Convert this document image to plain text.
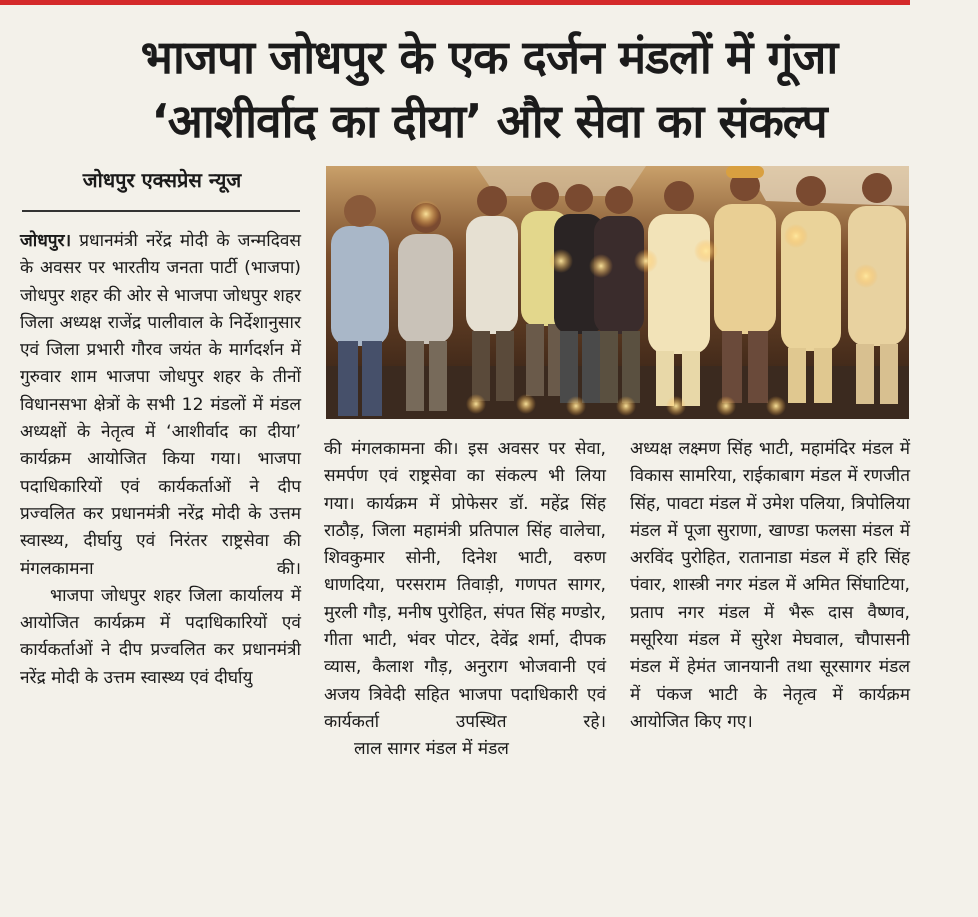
भाजपा जोधपुर के एक दर्जन मंडलों में गूंजा
‘आशीर्वाद का दीया’ और सेवा का संकल्प
जोधपुर एक्सप्रेस न्यूज

जोधपुर। प्रधानमंत्री नरेंद्र मोदी के जन्मदिवस के अवसर पर भारतीय जनता पार्टी (भाजपा) जोधपुर शहर की ओर से भाजपा जोधपुर शहर जिला अध्यक्ष राजेंद्र पालीवाल के निर्देशानुसार एवं जिला प्रभारी गौरव जयंत के मार्गदर्शन में गुरुवार शाम भाजपा जोधपुर शहर के तीनों विधानसभा क्षेत्रों के सभी 12 मंडलों में मंडल अध्यक्षों के नेतृत्व में ‘आशीर्वाद का दीया’ कार्यक्रम आयोजित किया गया। भाजपा पदाधिकारियों एवं कार्यकर्ताओं ने दीप प्रज्वलित कर प्रधानमंत्री नरेंद्र मोदी के उत्तम स्वास्थ्य, दीर्घायु एवं निरंतर राष्ट्रसेवा की मंगलकामना की।

भाजपा जोधपुर शहर जिला कार्यालय में आयोजित कार्यक्रम में पदाधिकारियों एवं कार्यकर्ताओं ने दीप प्रज्वलित कर प्रधानमंत्री नरेंद्र मोदी के उत्तम स्वास्थ्य एवं दीर्घायु

की मंगलकामना की। इस अवसर पर सेवा, समर्पण एवं राष्ट्रसेवा का संकल्प भी लिया गया। कार्यक्रम में प्रोफेसर डॉ. महेंद्र सिंह राठौड़, जिला महामंत्री प्रतिपाल सिंह वालेचा, शिवकुमार सोनी, दिनेश भाटी, वरुण धाणदिया, परसराम तिवाड़ी, गणपत सागर, मुरली गौड़, मनीष पुरोहित, संपत सिंह मण्डोर, गीता भाटी, भंवर पोटर, देवेंद्र शर्मा, दीपक व्यास, कैलाश गौड़, अनुराग भोजवानी एवं अजय त्रिवेदी सहित भाजपा पदाधिकारी एवं कार्यकर्ता उपस्थित रहे।

लाल सागर मंडल में मंडल

अध्यक्ष लक्ष्मण सिंह भाटी, महामंदिर मंडल में विकास सामरिया, राईकाबाग मंडल में रणजीत सिंह, पावटा मंडल में उमेश पलिया, त्रिपोलिया मंडल में पूजा सुराणा, खाण्डा फलसा मंडल में अरविंद पुरोहित, रातानाडा मंडल में हरि सिंह पंवार, शास्त्री नगर मंडल में अमित सिंघाटिया, प्रताप नगर मंडल में भैरू दास वैष्णव, मसूरिया मंडल में सुरेश मेघवाल, चौपासनी मंडल में हेमंत जानयानी तथा सूरसागर मंडल में पंकज भाटी के नेतृत्व में कार्यक्रम आयोजित किए गए।
